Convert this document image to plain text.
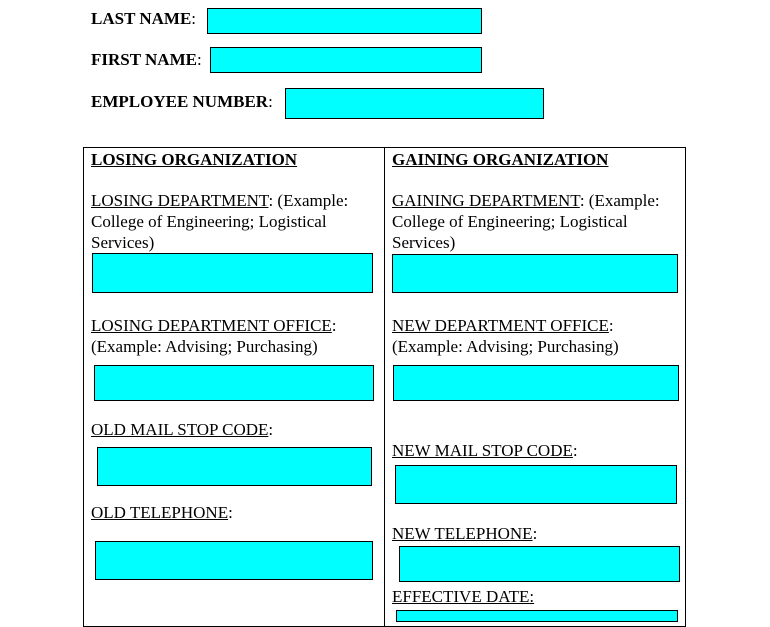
LAST NAME:
FIRST NAME:
EMPLOYEE NUMBER:
LOSING ORGANIZATION
LOSING DEPARTMENT: (Example:
College of Engineering; Logistical Services)
LOSING DEPARTMENT OFFICE:
(Example: Advising; Purchasing)
OLD MAIL STOP CODE:
OLD TELEPHONE:
GAINING ORGANIZATION
GAINING DEPARTMENT: (Example:
College of Engineering; Logistical Services)
NEW DEPARTMENT OFFICE:
(Example: Advising; Purchasing)
NEW MAIL STOP CODE:
NEW TELEPHONE:
EFFECTIVE DATE:
